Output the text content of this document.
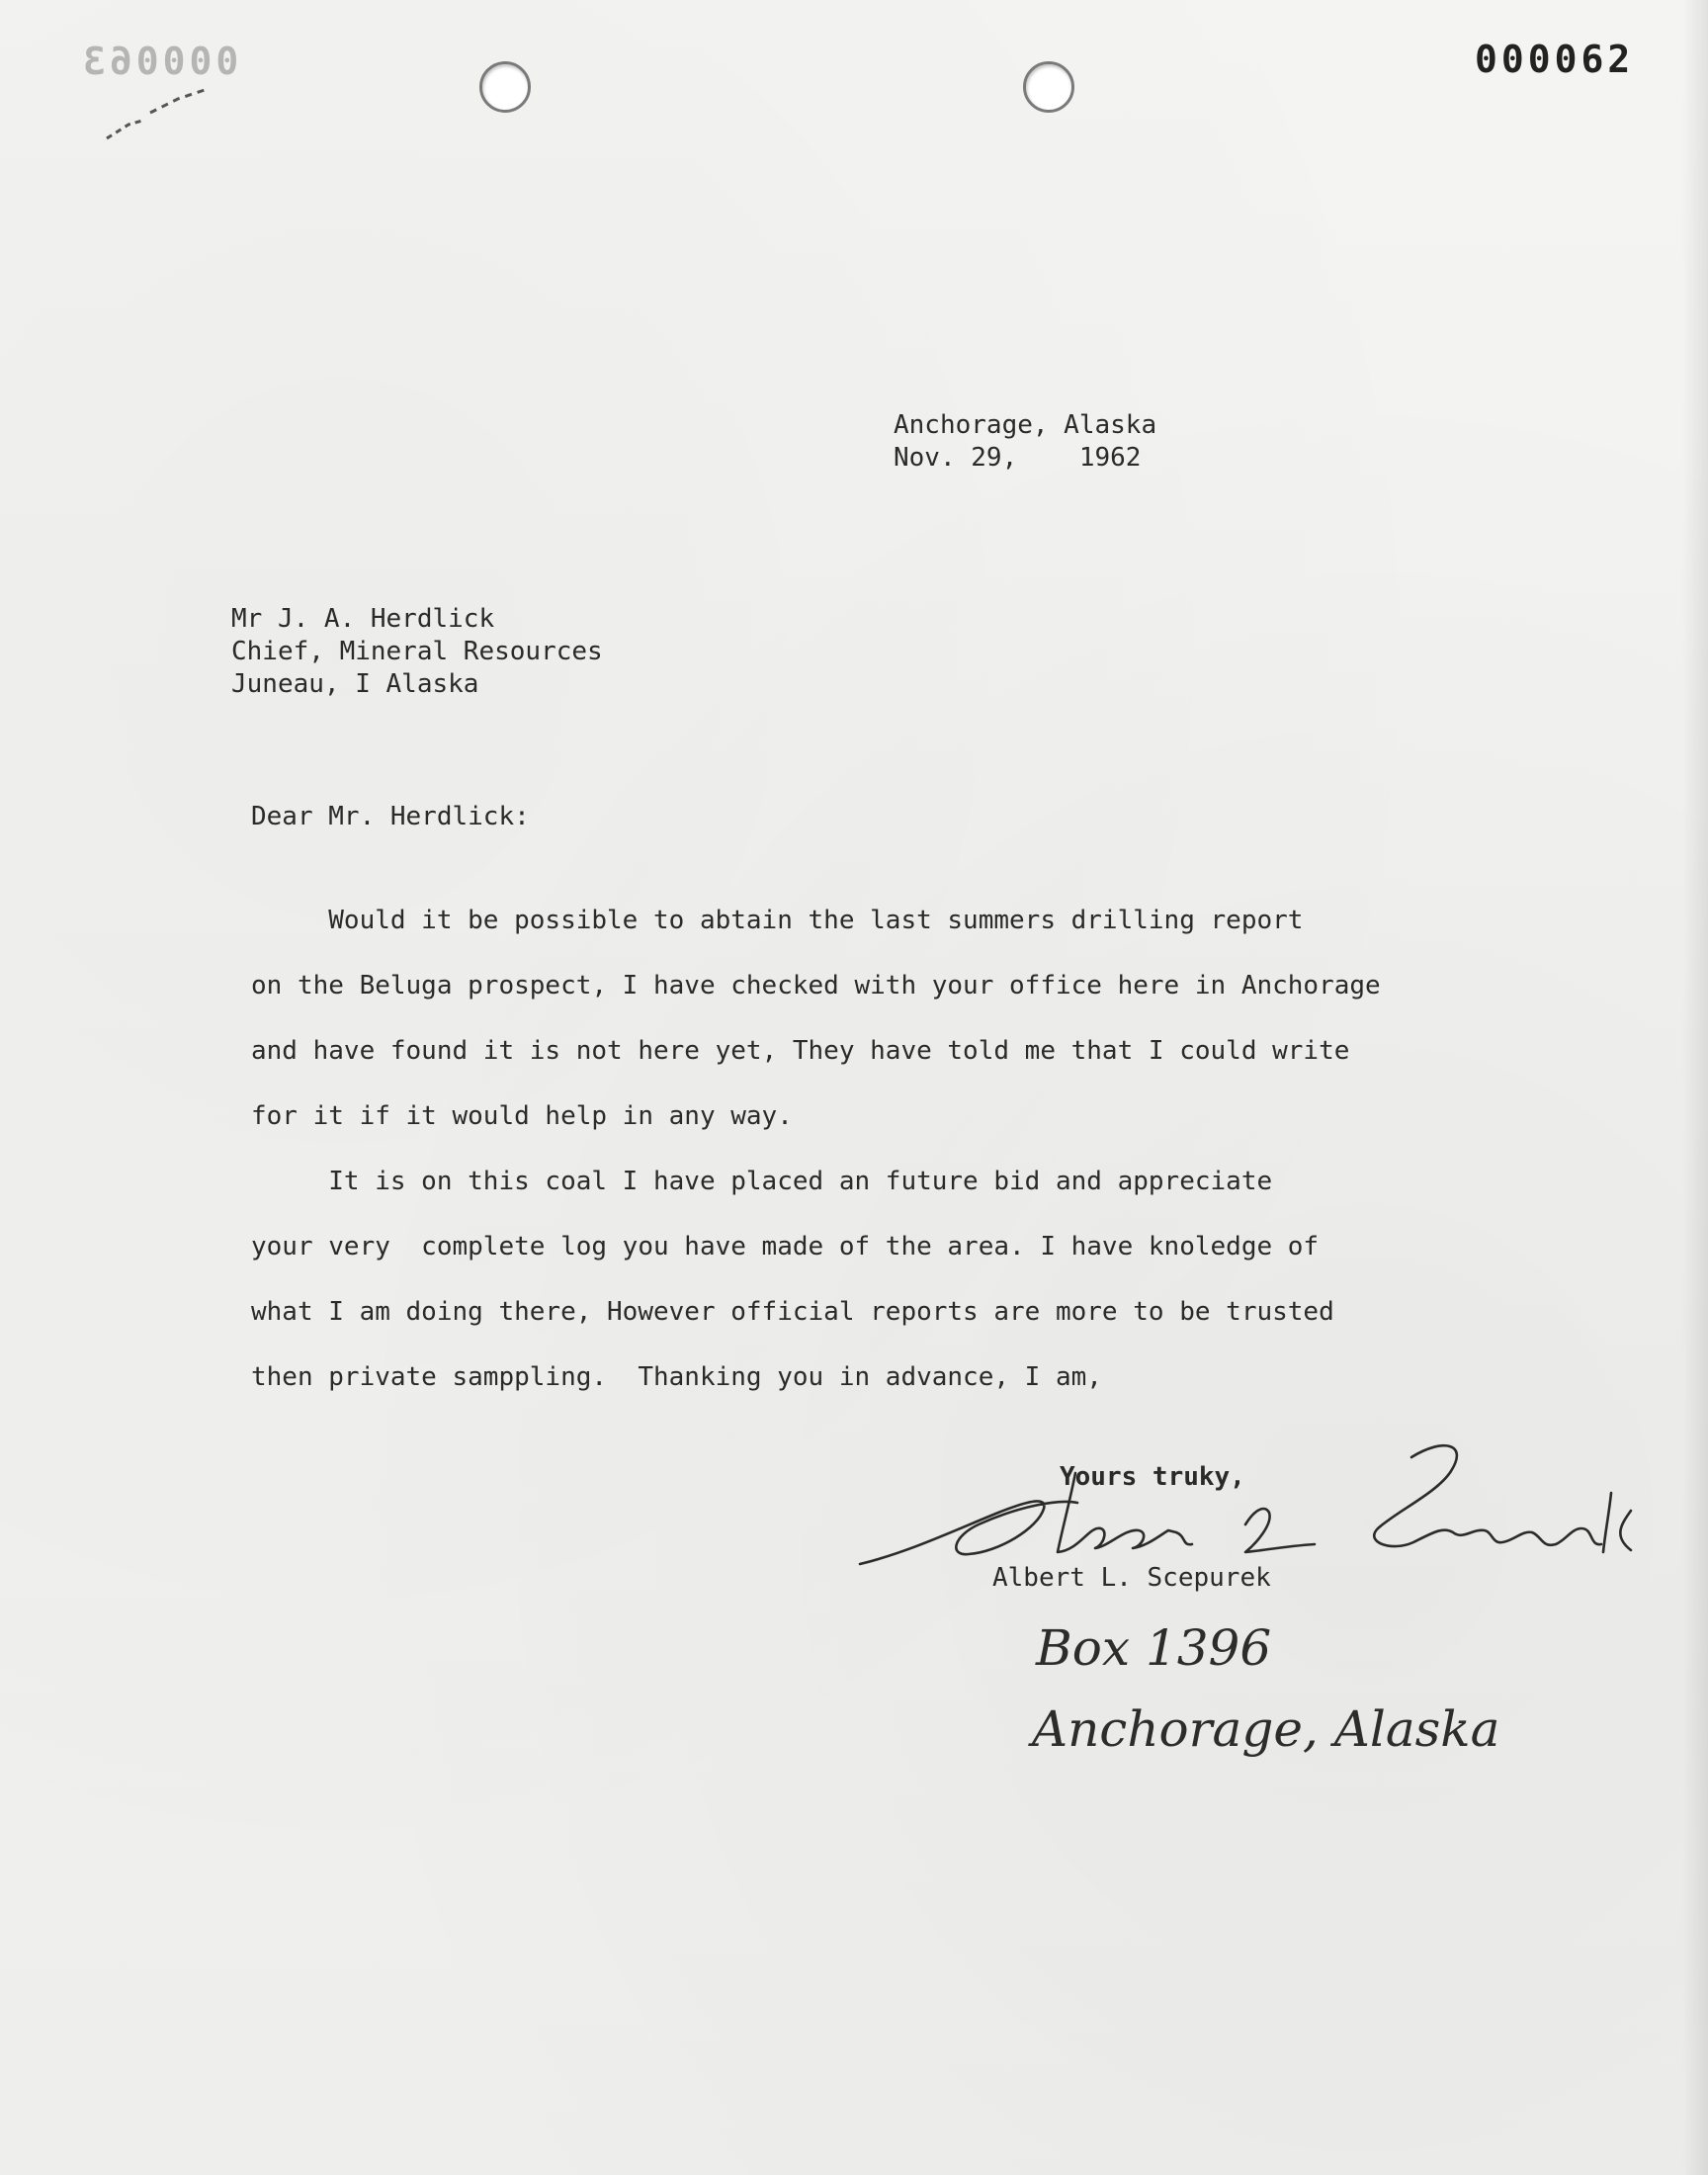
000063	000062
Anchorage, Alaska
Nov. 29,    1962
Mr J. A. Herdlick
Chief, Mineral Resources
Juneau, I Alaska
Dear Mr. Herdlick:
Would it be possible to abtain the last summers drilling report
on the Beluga prospect, I have checked with your office here in Anchorage
and have found it is not here yet, They have told me that I could write
for it if it would help in any way.
It is on this coal I have placed an future bid and appreciate
your very  complete log you have made of the area. I have knoledge of
what I am doing there, However official reports are more to be trusted
then private samppling.  Thanking you in advance, I am,
Yours truky,
Albert L. Scepurek
Box 1396
Anchorage, Alaska
